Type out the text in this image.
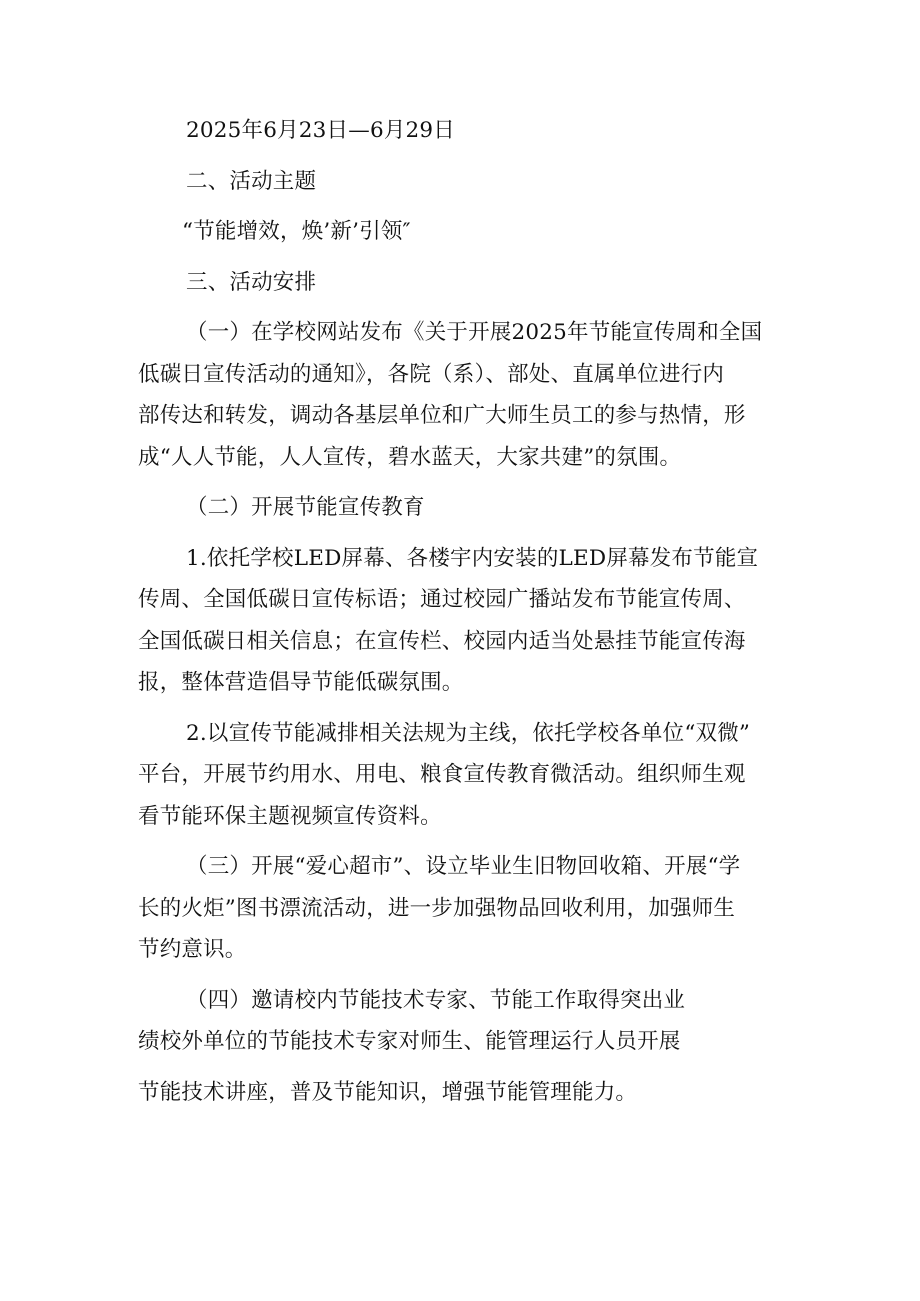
2025年6月23日—6月29日
二、活动主题
“节能增效，焕’新’引领″
三、活动安排
（一）在学校网站发布《关于开展2025年节能宣传周和全国
低碳日宣传活动的通知》，各院（系）、部处、直属单位进行内
部传达和转发，调动各基层单位和广大师生员工的参与热情，形
成“人人节能，人人宣传，碧水蓝天，大家共建”的氛围。
（二）开展节能宣传教育
1.依托学校LED屏幕、各楼宇内安装的LED屏幕发布节能宣
传周、全国低碳日宣传标语；通过校园广播站发布节能宣传周、
全国低碳日相关信息；在宣传栏、校园内适当处悬挂节能宣传海
报，整体营造倡导节能低碳氛围。
2.以宣传节能减排相关法规为主线，依托学校各单位“双微”
平台，开展节约用水、用电、粮食宣传教育微活动。组织师生观
看节能环保主题视频宣传资料。
（三）开展“爱心超市”、设立毕业生旧物回收箱、开展“学
长的火炬”图书漂流活动，进一步加强物品回收利用，加强师生
节约意识。
（四）邀请校内节能技术专家、节能工作取得突出业
绩校外单位的节能技术专家对师生、能管理运行人员开展
节能技术讲座，普及节能知识，增强节能管理能力。
